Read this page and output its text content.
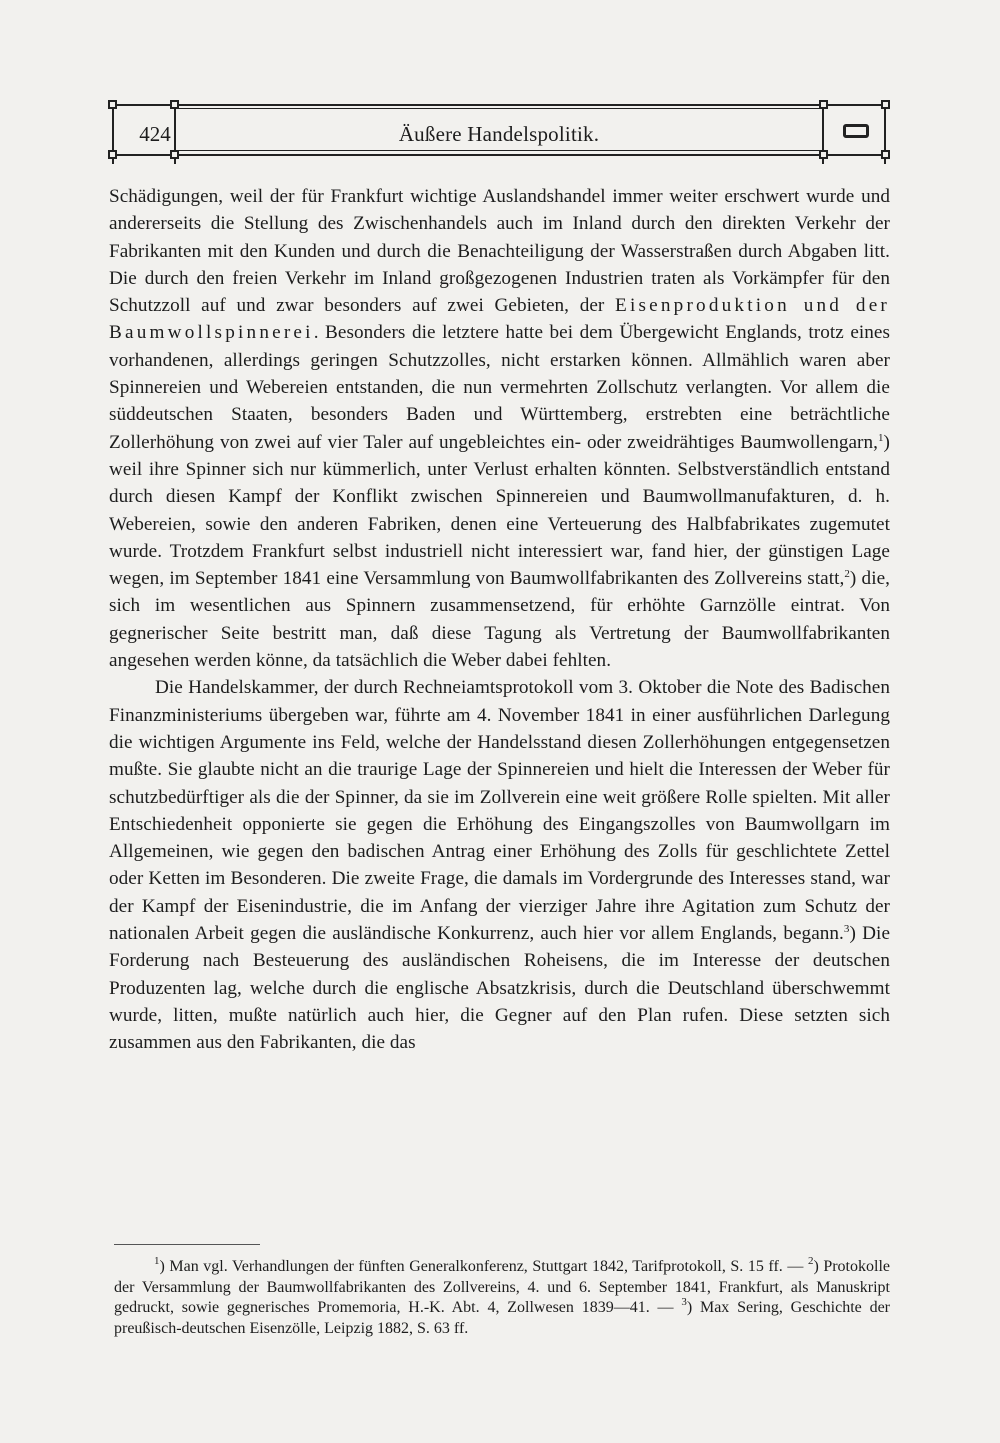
424	Äußere Handelspolitik.

Schädigungen, weil der für Frankfurt wichtige Auslandshandel immer weiter erschwert wurde und andererseits die Stellung des Zwischenhandels auch im Inland durch den direkten Verkehr der Fabrikanten mit den Kunden und durch die Benachteiligung der Wasserstraßen durch Abgaben litt. Die durch den freien Verkehr im Inland großgezogenen Industrien traten als Vorkämpfer für den Schutzzoll auf und zwar besonders auf zwei Gebieten, der Eisenproduktion und der Baumwollspinnerei. Besonders die letztere hatte bei dem Übergewicht Englands, trotz eines vorhandenen, allerdings geringen Schutzzolles, nicht erstarken können. Allmählich waren aber Spinnereien und Webereien entstanden, die nun vermehrten Zollschutz verlangten. Vor allem die süddeutschen Staaten, besonders Baden und Württemberg, erstrebten eine beträchtliche Zollerhöhung von zwei auf vier Taler auf ungebleichtes ein- oder zweidrähtiges Baumwollengarn,$^1$) weil ihre Spinner sich nur kümmerlich, unter Verlust erhalten könnten. Selbstverständlich entstand durch diesen Kampf der Konflikt zwischen Spinnereien und Baumwollmanufakturen, d. h. Webereien, sowie den anderen Fabriken, denen eine Verteuerung des Halbfabrikates zugemutet wurde. Trotzdem Frankfurt selbst industriell nicht interessiert war, fand hier, der günstigen Lage wegen, im September 1841 eine Versammlung von Baumwollfabrikanten des Zollvereins statt,$^2$) die, sich im wesentlichen aus Spinnern zusammensetzend, für erhöhte Garnzölle eintrat. Von gegnerischer Seite bestritt man, daß diese Tagung als Vertretung der Baumwollfabrikanten angesehen werden könne, da tatsächlich die Weber dabei fehlten.

Die Handelskammer, der durch Rechneiamtsprotokoll vom 3. Oktober die Note des Badischen Finanzministeriums übergeben war, führte am 4. November 1841 in einer ausführlichen Darlegung die wichtigen Argumente ins Feld, welche der Handelsstand diesen Zollerhöhungen entgegensetzen mußte. Sie glaubte nicht an die traurige Lage der Spinnereien und hielt die Interessen der Weber für schutzbedürftiger als die der Spinner, da sie im Zollverein eine weit größere Rolle spielten. Mit aller Entschiedenheit opponierte sie gegen die Erhöhung des Eingangszolles von Baumwollgarn im Allgemeinen, wie gegen den badischen Antrag einer Erhöhung des Zolls für geschlichtete Zettel oder Ketten im Besonderen. Die zweite Frage, die damals im Vordergrunde des Interesses stand, war der Kampf der Eisenindustrie, die im Anfang der vierziger Jahre ihre Agitation zum Schutz der nationalen Arbeit gegen die ausländische Konkurrenz, auch hier vor allem Englands, begann.$^3$) Die Forderung nach Besteuerung des ausländischen Roheisens, die im Interesse der deutschen Produzenten lag, welche durch die englische Absatzkrisis, durch die Deutschland überschwemmt wurde, litten, mußte natürlich auch hier, die Gegner auf den Plan rufen. Diese setzten sich zusammen aus den Fabrikanten, die das

$^1$) Man vgl. Verhandlungen der fünften Generalkonferenz, Stuttgart 1842, Tarifprotokoll, S. 15 ff. — $^2$) Protokolle der Versammlung der Baumwollfabrikanten des Zollvereins, 4. und 6. September 1841, Frankfurt, als Manuskript gedruckt, sowie gegnerisches Promemoria, H.-K. Abt. 4, Zollwesen 1839—41. — $^3$) Max Sering, Geschichte der preußisch-deutschen Eisenzölle, Leipzig 1882, S. 63 ff.
